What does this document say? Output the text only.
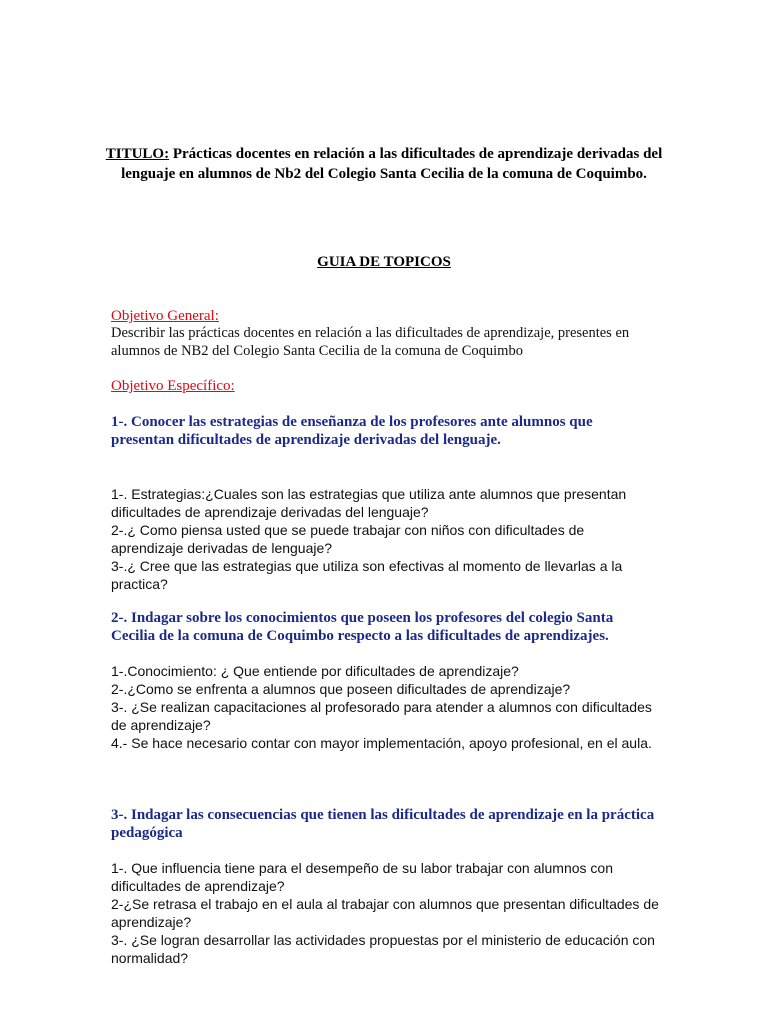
TITULO: Prácticas docentes en relación a las dificultades de aprendizaje derivadas del lenguaje en alumnos de Nb2 del Colegio Santa Cecilia de la comuna de Coquimbo.
GUIA DE TOPICOS
Objetivo General:
Describir las prácticas docentes en relación a las dificultades de aprendizaje, presentes en alumnos de NB2 del Colegio Santa Cecilia de la comuna de Coquimbo
Objetivo Específico:
1-. Conocer las estrategias de enseñanza de los profesores ante alumnos que presentan dificultades de aprendizaje derivadas del lenguaje.
1-. Estrategias:¿Cuales son las estrategias que utiliza ante alumnos que presentan dificultades de aprendizaje derivadas del lenguaje?
2-.¿ Como piensa usted que se puede trabajar con niños con dificultades de aprendizaje derivadas de lenguaje?
3-.¿ Cree que las estrategias que utiliza son efectivas al momento de llevarlas a la practica?
2-. Indagar sobre los conocimientos que poseen los profesores del colegio Santa Cecilia de la comuna de Coquimbo respecto a las dificultades de aprendizajes.
1-.Conocimiento: ¿ Que entiende por dificultades de aprendizaje?
2-.¿Como se enfrenta a alumnos que poseen dificultades de aprendizaje?
3-. ¿Se realizan capacitaciones al profesorado para atender a alumnos con dificultades de aprendizaje?
4.- Se hace necesario contar con mayor implementación, apoyo profesional, en el aula.
3-. Indagar las consecuencias que tienen las dificultades de aprendizaje en la práctica pedagógica
1-. Que influencia tiene para el desempeño de su labor trabajar con alumnos con dificultades de aprendizaje?
2-¿Se retrasa el trabajo en el aula al trabajar con alumnos que presentan dificultades de aprendizaje?
3-. ¿Se logran desarrollar las actividades propuestas por el ministerio de educación con normalidad?
